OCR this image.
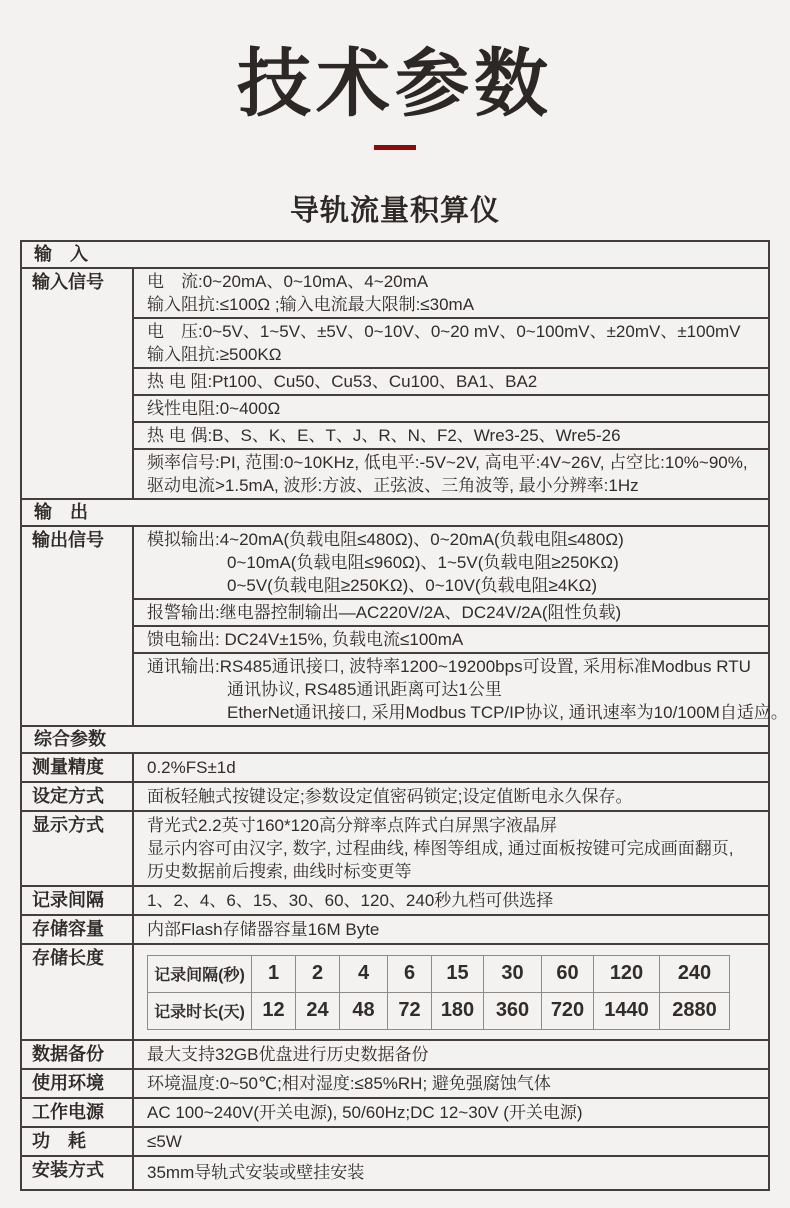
技术参数
导轨流量积算仪
输　入
输入信号	电　流:0~20mA、0~10mA、4~20mA
输入阻抗:≤100Ω ;输入电流最大限制:≤30mA
电　压:0~5V、1~5V、±5V、0~10V、0~20 mV、0~100mV、±20mV、±100mV
输入阻抗:≥500KΩ
热 电 阻:Pt100、Cu50、Cu53、Cu100、BA1、BA2
线性电阻:0~400Ω
热 电 偶:B、S、K、E、T、J、R、N、F2、Wre3-25、Wre5-26
频率信号:PI, 范围:0~10KHz, 低电平:-5V~2V, 高电平:4V~26V, 占空比:10%~90%,
驱动电流>1.5mA, 波形:方波、正弦波、三角波等, 最小分辨率:1Hz
输　出
输出信号	模拟输出:4~20mA(负载电阻≤480Ω)、0~20mA(负载电阻≤480Ω)
0~10mA(负载电阻≤960Ω)、1~5V(负载电阻≥250KΩ)
0~5V(负载电阻≥250KΩ)、0~10V(负载电阻≥4KΩ)
报警输出:继电器控制输出—AC220V/2A、DC24V/2A(阻性负载)
馈电输出: DC24V±15%, 负载电流≤100mA
通讯输出:RS485通讯接口, 波特率1200~19200bps可设置, 采用标准Modbus RTU
通讯协议, RS485通讯距离可达1公里
EtherNet通讯接口, 采用Modbus TCP/IP协议, 通讯速率为10/100M自适应。
综合参数
测量精度	0.2%FS±1d
设定方式	面板轻触式按键设定;参数设定值密码锁定;设定值断电永久保存。
显示方式	背光式2.2英寸160*120高分辩率点阵式白屏黑字液晶屏
显示内容可由汉字, 数字, 过程曲线, 棒图等组成, 通过面板按键可完成画面翻页,
历史数据前后搜索, 曲线时标变更等
记录间隔	1、2、4、6、15、30、60、120、240秒九档可供选择
存储容量	内部Flash存储器容量16M Byte
存储长度
记录间隔(秒)	1	2	4	6	15	30	60	120	240
记录时长(天)	12	24	48	72	180	360	720	1440	2880
数据备份	最大支持32GB优盘进行历史数据备份
使用环境	环境温度:0~50℃;相对湿度:≤85%RH; 避免强腐蚀气体
工作电源	AC 100~240V(开关电源), 50/60Hz;DC 12~30V (开关电源)
功　耗	≤5W
安装方式	35mm导轨式安装或壁挂安装
